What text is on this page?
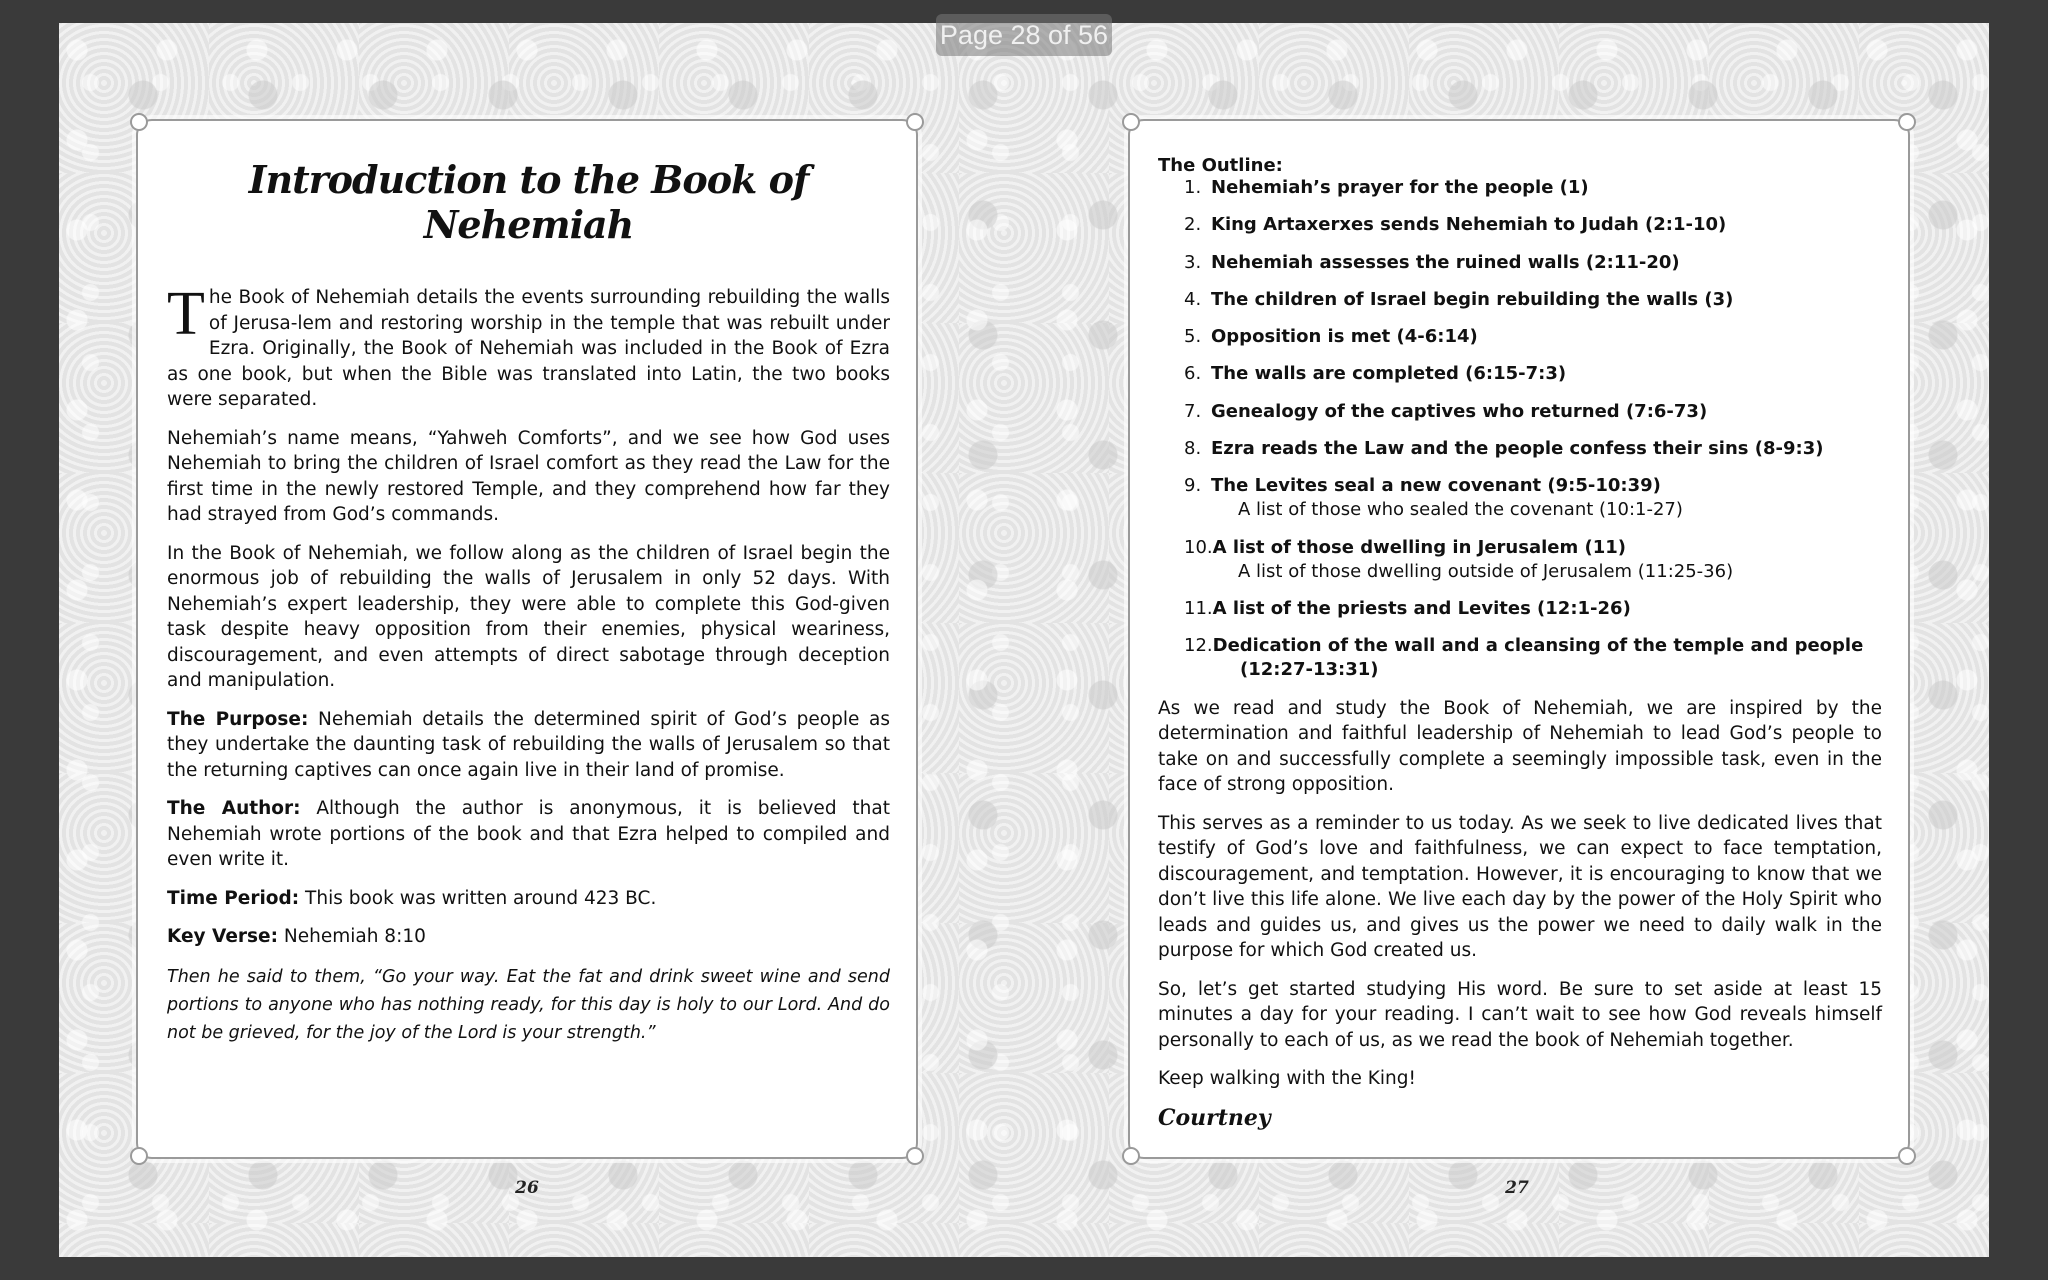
Page 28 of 56
Introduction to the Book of Nehemiah

The Book of Nehemiah details the events surrounding rebuilding the walls of Jerusa-lem and restoring worship in the temple that was rebuilt under Ezra. Originally, the Book of Nehemiah was included in the Book of Ezra as one book, but when the Bible was translated into Latin, the two books were separated.

Nehemiah’s name means, “Yahweh Comforts”, and we see how God uses Nehemiah to bring the children of Israel comfort as they read the Law for the first time in the newly restored Temple, and they comprehend how far they had strayed from God’s commands.

In the Book of Nehemiah, we follow along as the children of Israel begin the enormous job of rebuilding the walls of Jerusalem in only 52 days. With Nehemiah’s expert leadership, they were able to complete this God-given task despite heavy opposition from their enemies, physical weariness, discouragement, and even attempts of direct sabotage through deception and manipulation.

The Purpose: Nehemiah details the determined spirit of God’s people as they undertake the daunting task of rebuilding the walls of Jerusalem so that the returning captives can once again live in their land of promise.

The Author: Although the author is anonymous, it is believed that Nehemiah wrote portions of the book and that Ezra helped to compiled and even write it.

Time Period: This book was written around 423 BC.

Key Verse: Nehemiah 8:10

Then he said to them, “Go your way. Eat the fat and drink sweet wine and send portions to anyone who has nothing ready, for this day is holy to our Lord. And do not be grieved, for the joy of the Lord is your strength.”

26

The Outline:

1. Nehemiah’s prayer for the people (1)
2. King Artaxerxes sends Nehemiah to Judah (2:1-10)
3. Nehemiah assesses the ruined walls (2:11-20)
4. The children of Israel begin rebuilding the walls (3)
5. Opposition is met (4-6:14)
6. The walls are completed (6:15-7:3)
7. Genealogy of the captives who returned (7:6-73)
8. Ezra reads the Law and the people confess their sins (8-9:3)
9. The Levites seal a new covenant (9:5-10:39)
A list of those who sealed the covenant (10:1-27)
10.A list of those dwelling in Jerusalem (11)
A list of those dwelling outside of Jerusalem (11:25-36)
11.A list of the priests and Levites (12:1-26)
12.Dedication of the wall and a cleansing of the temple and people
(12:27-13:31)

As we read and study the Book of Nehemiah, we are inspired by the determination and faithful leadership of Nehemiah to lead God’s people to take on and successfully complete a seemingly impossible task, even in the face of strong opposition.

This serves as a reminder to us today. As we seek to live dedicated lives that testify of God’s love and faithfulness, we can expect to face temptation, discouragement, and temptation. However, it is encouraging to know that we don’t live this life alone. We live each day by the power of the Holy Spirit who leads and guides us, and gives us the power we need to daily walk in the purpose for which God created us.

So, let’s get started studying His word. Be sure to set aside at least 15 minutes a day for your reading. I can’t wait to see how God reveals himself personally to each of us, as we read the book of Nehemiah together.

Keep walking with the King!

Courtney
27
